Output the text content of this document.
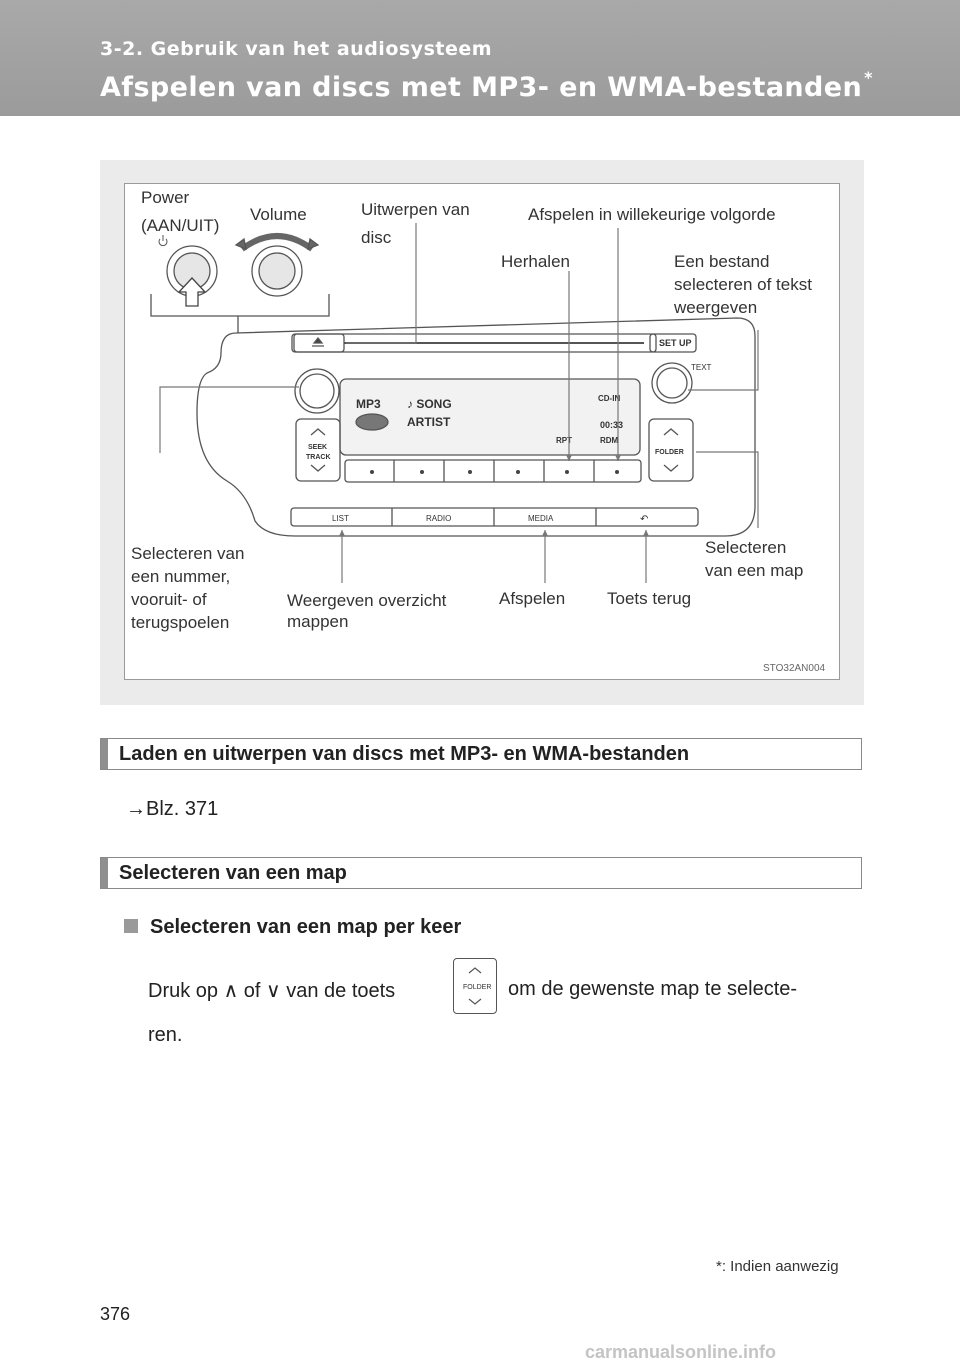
3-2. Gebruik van het audiosysteem
Afspelen van discs met MP3- en WMA-bestanden *
SET UP
TEXT
MP3 ♪ SONG
ARTIST
CD-IN
00:33
RPT	RDM
SEEK
TRACK
FOLDER
LIST	RADIO	MEDIA	↶
Power
(AAN/UIT)
Volume	Uitwerpen van
disc
Afspelen in willekeurige volgorde
Herhalen	Een bestand
selecteren of tekst
weergeven
Selecteren van
een nummer,
vooruit- of
terugspoelen
Weergeven overzicht
mappen
Afspelen Toets terug
Selecteren
van een map
STO32AN004
Laden en uitwerpen van discs met MP3- en WMA-bestanden
→Blz. 371
Selecteren van een map
Selecteren van een map per keer
Druk op ∧ of ∨ van de toets	FOLDER om de gewenste map te selecte-
ren.
*: Indien aanwezig
376
carmanualsonline.info
